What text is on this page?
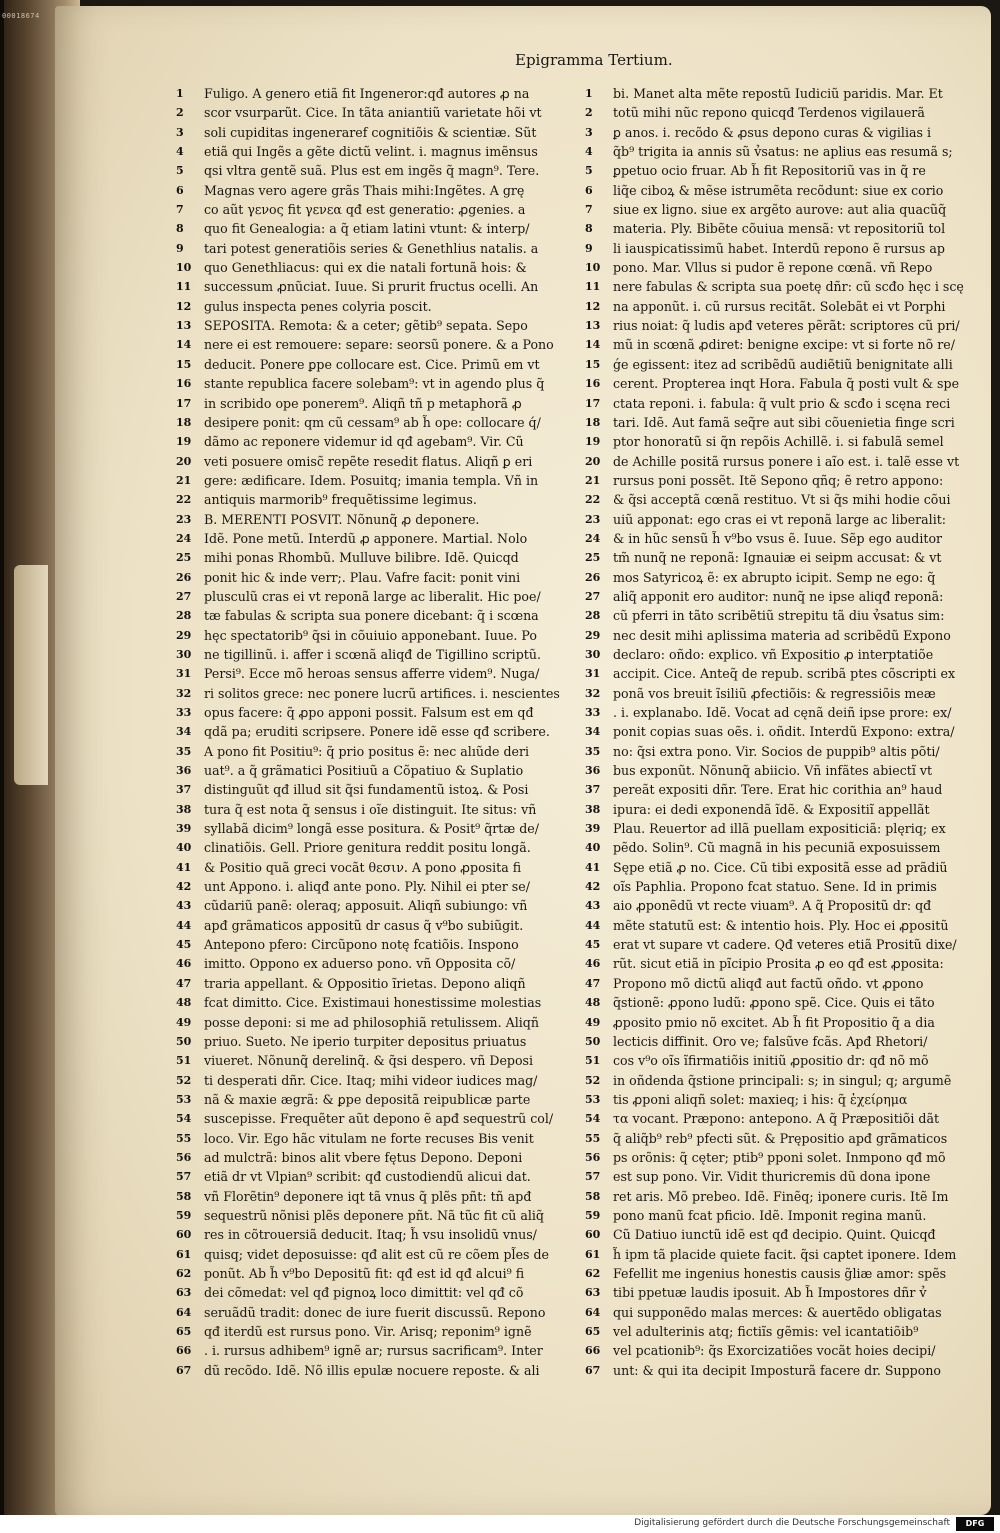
00018674
Epigramma Tertium.
1	Fuligo. A genero etiã fit Ingeneror:qđ autores ꝓ na
2	scor vsurparũt. Cice. In tãta aniantiũ varietate hõi vt
3	soli cupiditas ingeneraref cognitiõis & scientiæ. Sũt
4	etiã qui Ingẽs a gẽte dictũ velint. i. magnus imẽnsus
5	qsi vltra gentẽ suã. Plus est em ingẽs q̃ magn⁹. Tere.
6	Magnas vero agere grãs Thais mihi:Ingẽtes. A grę
7	co aũt γενος fit γενεα qđ est generatio: ꝓgenies. a
8	quo fit Genealogia: a q̃ etiam latini vtunt: & interp/
9	tari potest generatiõis series & Genethlius natalis. a
10	quo Genethliacus: qui ex die natali fortunã hois: &
11	successum ꝓnũciat. Iuue. Si prurit fructus ocelli. An
12	gulus inspecta penes colyria poscit.
13	SEPOSITA. Remota: & a ceter; gẽtib⁹ sepata. Sepo
14	nere ei est remouere: separe: seorsũ ponere. & a Pono
15	deducit. Ponere ꝑpe collocare est. Cice. Primũ em vt
16	stante republica facere solebam⁹: vt in agendo plus q̃
17	in scribido ope ponerem⁹. Aliqñ tñ p metaphorã ꝓ
18	desipere ponit: qm cũ cessam⁹ ab h̃ ope: collocare q́/
19	dãmo ac reponere videmur id qđ agebam⁹. Vir. Cũ
20	veti posuere omisc̃ repẽte resedit flatus. Aliqñ ꝑ eri
21	gere: ædificare. Idem. Posuitq; imania templa. Vñ in
22	antiquis marmorib⁹ frequẽtissime legimus.
23	B. MERENTI POSVIT. Nõnunq̃ ꝓ deponere.
24	Idẽ. Pone metũ. Interdũ ꝓ apponere. Martial. Nolo
25	mihi ponas Rhombũ. Mulluve bilibre. Idẽ. Quicqd
26	ponit hic & inde verr;. Plau. Vafre facit: ponit vini
27	plusculũ cras ei vt reponã large ac liberalit. Hic poe/
28	tæ fabulas & scripta sua ponere dicebant: q̃ i scœna
29	hęc spectatorib⁹ q̃si in cõuiuio apponebant. Iuue. Po
30	ne tigillinũ. i. affer i scœnã aliqđ de Tigillino scriptũ.
31	Persi⁹. Ecce mõ heroas sensus afferre videm⁹. Nuga/
32	ri solitos grece: nec ponere lucrũ artifices. i. nescientes
33	opus facere: q̃ ꝓpo apponi possit. Falsum est em qđ
34	qdã pa; eruditi scripsere. Ponere idẽ esse qđ scribere.
35	A pono fit Positiu⁹: q̃ prio positus ẽ: nec alıũde deri
36	uat⁹. a q̃ grãmatici Positiuũ a Cõpatiuo & Suplatio
37	distinguũt qđ illud sit q̃si fundamentũ istoꝝ. & Posi
38	tura q̃ est nota q̃ sensus i oĩe distinguit. Ite situs: vñ
39	syllabã dicim⁹ longã esse positura. & Posit⁹ q̃rtæ de/
40	clinatiõis. Gell. Priore genitura reddit positu longã.
41	& Positio quã greci vocãt θεσιν. A pono ꝓposita fi
42	unt Appono. i. aliqđ ante pono. Ply. Nihil ei pter se/
43	cũdariũ panẽ: oleraq; apposuit. Aliqñ subiungo: vñ
44	apđ grãmaticos appositũ dr casus q̃ v⁹bo subiũgit.
45	Antepono pfero: Circũpono notę fcatiõis. Inspono
46	imitto. Oppono ex aduerso pono. vñ Opposita cõ/
47	traria appellant. & Oppositio ĩrietas. Depono aliqñ
48	fcat dimitto. Cice. Existimaui honestissime molestias
49	posse deponi: si me ad philosophiã retulissem. Aliqñ
50	priuo. Sueto. Ne iperio turpiter depositus priuatus
51	viueret. Nõnunq̃ derelinq̃. & q̃si despero. vñ Deposi
52	ti desperati dñr. Cice. Itaq; mihi videor iudices mag/
53	nã & maxie ægrã: & ꝑpe depositã reipublicæ parte
54	suscepisse. Frequẽter aũt depono ẽ apđ sequestrũ col/
55	loco. Vir. Ego hãc vitulam ne forte recuses Bis venit
56	ad mulctrã: binos alit vbere fętus Depono. Deponi
57	etiã dr vt Vlpian⁹ scribit: qđ custodiendũ alicui dat.
58	vñ Florẽtin⁹ deponere iqt tã vnus q̃ plẽs pñt: tñ apđ
59	sequestrũ nõnisi plẽs deponere pñt. Nã tũc fit cũ aliq̃
60	res in cõtrouersiã deducit. Itaq; h̃ vsu insolidũ vnus/
61	quisq; videt deposuisse: qđ alit est cũ re cõem pl̃es de
62	ponũt. Ab h̃ v⁹bo Depositũ fit: qđ est id qđ alcui⁹ fi
63	dei cõmedat: vel qđ pignoꝝ loco dimittit: vel qđ cõ
64	seruãdũ tradit: donec de iure fuerit discussũ. Repono
65	qđ iterdũ est rursus pono. Vir. Arisq; reponim⁹ ignẽ
66	. i. rursus adhibem⁹ ignẽ ar; rursus sacrificam⁹. Inter
67	dũ recõdo. Idẽ. Nõ illis epulæ nocuere reposte. & ali
1	bi. Manet alta mẽte repostũ Iudiciũ paridis. Mar. Et
2	totũ mihi nũc repono quicqđ Terdenos vigilauerã
3	ꝑ anos. i. recõdo & ꝓsus depono curas & vigilias i
4	q̃b⁹ trigita ia annis sũ v̉satus: ne aplius eas resumã s;
5	ꝑpetuo ocio fruar. Ab h̃ fit Repositoriũ vas in q̃ re
6	liq̃e ciboꝝ & mẽse istrumẽta recõdunt: siue ex corio
7	siue ex ligno. siue ex argẽto aurove: aut alia quacũq̃
8	materia. Ply. Bibẽte cõuiua mensã: vt repositoriũ tol
9	li iauspicatissimũ habet. Interdũ repono ẽ rursus ap
10	pono. Mar. Vllus si pudor ẽ repone cœnã. vñ Repo
11	nere fabulas & scripta sua poetę dñr: cũ scđo hęc i scę
12	na apponũt. i. cũ rursus recitãt. Solebãt ei vt Porphi
13	rius noiat: q̃ ludis apđ veteres pẽrãt: scriptores cũ pri/
14	mũ in scœnã ꝓdiret: benigne excipe: vt si forte nõ re/
15	ǵe egissent: itez ad scribẽdũ audiẽtiũ benignitate alli
16	cerent. Propterea inqt Hora. Fabula q̃ posti vult & spe
17	ctata reponi. i. fabula: q̃ vult prio & scđo i scęna reci
18	tari. Idẽ. Aut famã seq̃re aut sibi cõuenietia finge scri
19	ptor honoratũ si q̃n repõis Achillẽ. i. si fabulã semel
20	de Achille positã rursus ponere i aĩo est. i. talẽ esse vt
21	rursus poni possẽt. Itẽ Sepono qñq; ẽ retro appono:
22	& q̃si acceptã cœnã restituo. Vt si q̃s mihi hodie cõui
23	uiũ apponat: ego cras ei vt reponã large ac liberalit:
24	& in hũc sensũ h̃ v⁹bo vsus ẽ. Iuue. Sẽp ego auditor
25	tm̃ nunq̃ ne reponã: Ignauiæ ei seipm accusat: & vt
26	mos Satyricoꝝ ẽ: ex abrupto icipit. Semp ne ego: q̃
27	aliq̃ apponit ero auditor: nunq̃ ne ipse aliqđ reponã:
28	cũ pferri in tãto scribẽtiũ strepitu tã diu v̉satus sim:
29	nec desit mihi aplissima materia ad scribẽdũ Expono
30	declaro: oñdo: explico. vñ Expositio ꝓ interptatiõe
31	accipit. Cice. Anteq̃ de repub. scribã ptes cõscripti ex
32	ponã vos breuit ĩsiliũ ꝓfectiõis: & regressiõis meæ
33	. i. explanabo. Idẽ. Vocat ad cęnã deiñ ipse prore: ex/
34	ponit copias suas oẽs. i. oñdit. Interdũ Expono: extra/
35	no: q̃si extra pono. Vir. Socios de puppib⁹ altis põti/
36	bus exponũt. Nõnunq̃ abiicio. Vñ infãtes abiectĩ vt
37	pereãt expositi dñr. Tere. Erat hic corithia an⁹ haud
38	ipura: ei dedi exponendã ĩdẽ. & Expositiĩ appellãt
39	Plau. Reuertor ad illã puellam expositiciã: plęriq; ex
40	pẽdo. Solin⁹. Cũ magnã in his pecuniã exposuissem
41	Sępe etiã ꝓ no. Cice. Cũ tibi expositã esse ad prãdiũ
42	oĩs Paphlia. Propono fcat statuo. Sene. Id in primis
43	aio ꝓponẽdũ vt recte viuam⁹. A q̃ Propositũ dr: qđ
44	mẽte statutũ est: & intentio hois. Ply. Hoc ei ꝓpositũ
45	erat vt supare vt cadere. Qđ veteres etiã Prositũ dixe/
46	rũt. sicut etiã in pĩcipio Prosita ꝓ eo qđ est ꝓposita:
47	Propono mõ dictũ aliqđ aut factũ oñdo. vt ꝓpono
48	q̃stionẽ: ꝓpono ludũ: ꝓpono spẽ. Cice. Quis ei tãto
49	ꝓposito pmio nõ excitet. Ab h̃ fit Propositio q̃ a dia
50	lecticis diffinit. Oro ve; falsũve fcãs. Apđ Rhetori/
51	cos v⁹o oĩs ĩfirmatiõis initiũ ꝓpositio dr: qđ nõ mõ
52	in oñdenda q̃stione principali: s; in singul; q; argumẽ
53	tis ꝓponi aliqñ solet: maxieq; i his: q̃ ἐχείρημα
54	τα vocant. Præpono: antepono. A q̃ Præpositiõi dãt
55	q̃ aliq̃b⁹ reb⁹ pfecti sũt. & Prępositio apđ grãmaticos
56	ps orõnis: q̃ cęter; ptib⁹ pponi solet. Inmpono qđ mõ
57	est sup pono. Vir. Vidit thuricremis dũ dona ipone
58	ret aris. Mõ prebeo. Idẽ. Finẽq; iponere curis. Itẽ Im
59	pono manũ fcat pficio. Idẽ. Imponit regina manũ.
60	Cũ Datiuo iunctũ idẽ est qđ decipio. Quint. Quicqđ
61	h̃ ipm tã placide quiete facit. q̃si captet iponere. Idem
62	Fefellit me ingenius honestis causis g̃liæ amor: spẽs
63	tibi ppetuæ laudis iposuit. Ab h̃ Impostores dñr v̉
64	qui supponẽdo malas merces: & auertẽdo obligatas
65	vel adulterinis atq; fictiĩs gẽmis: vel icantatiõib⁹
66	vel pcationib⁹: q̃s Exorcizatiões vocãt hoies decipi/
67	unt: & qui ita decipit Imposturã facere dr. Suppono
Digitalisierung gefördert durch die Deutsche Forschungsgemeinschaft	DFG
